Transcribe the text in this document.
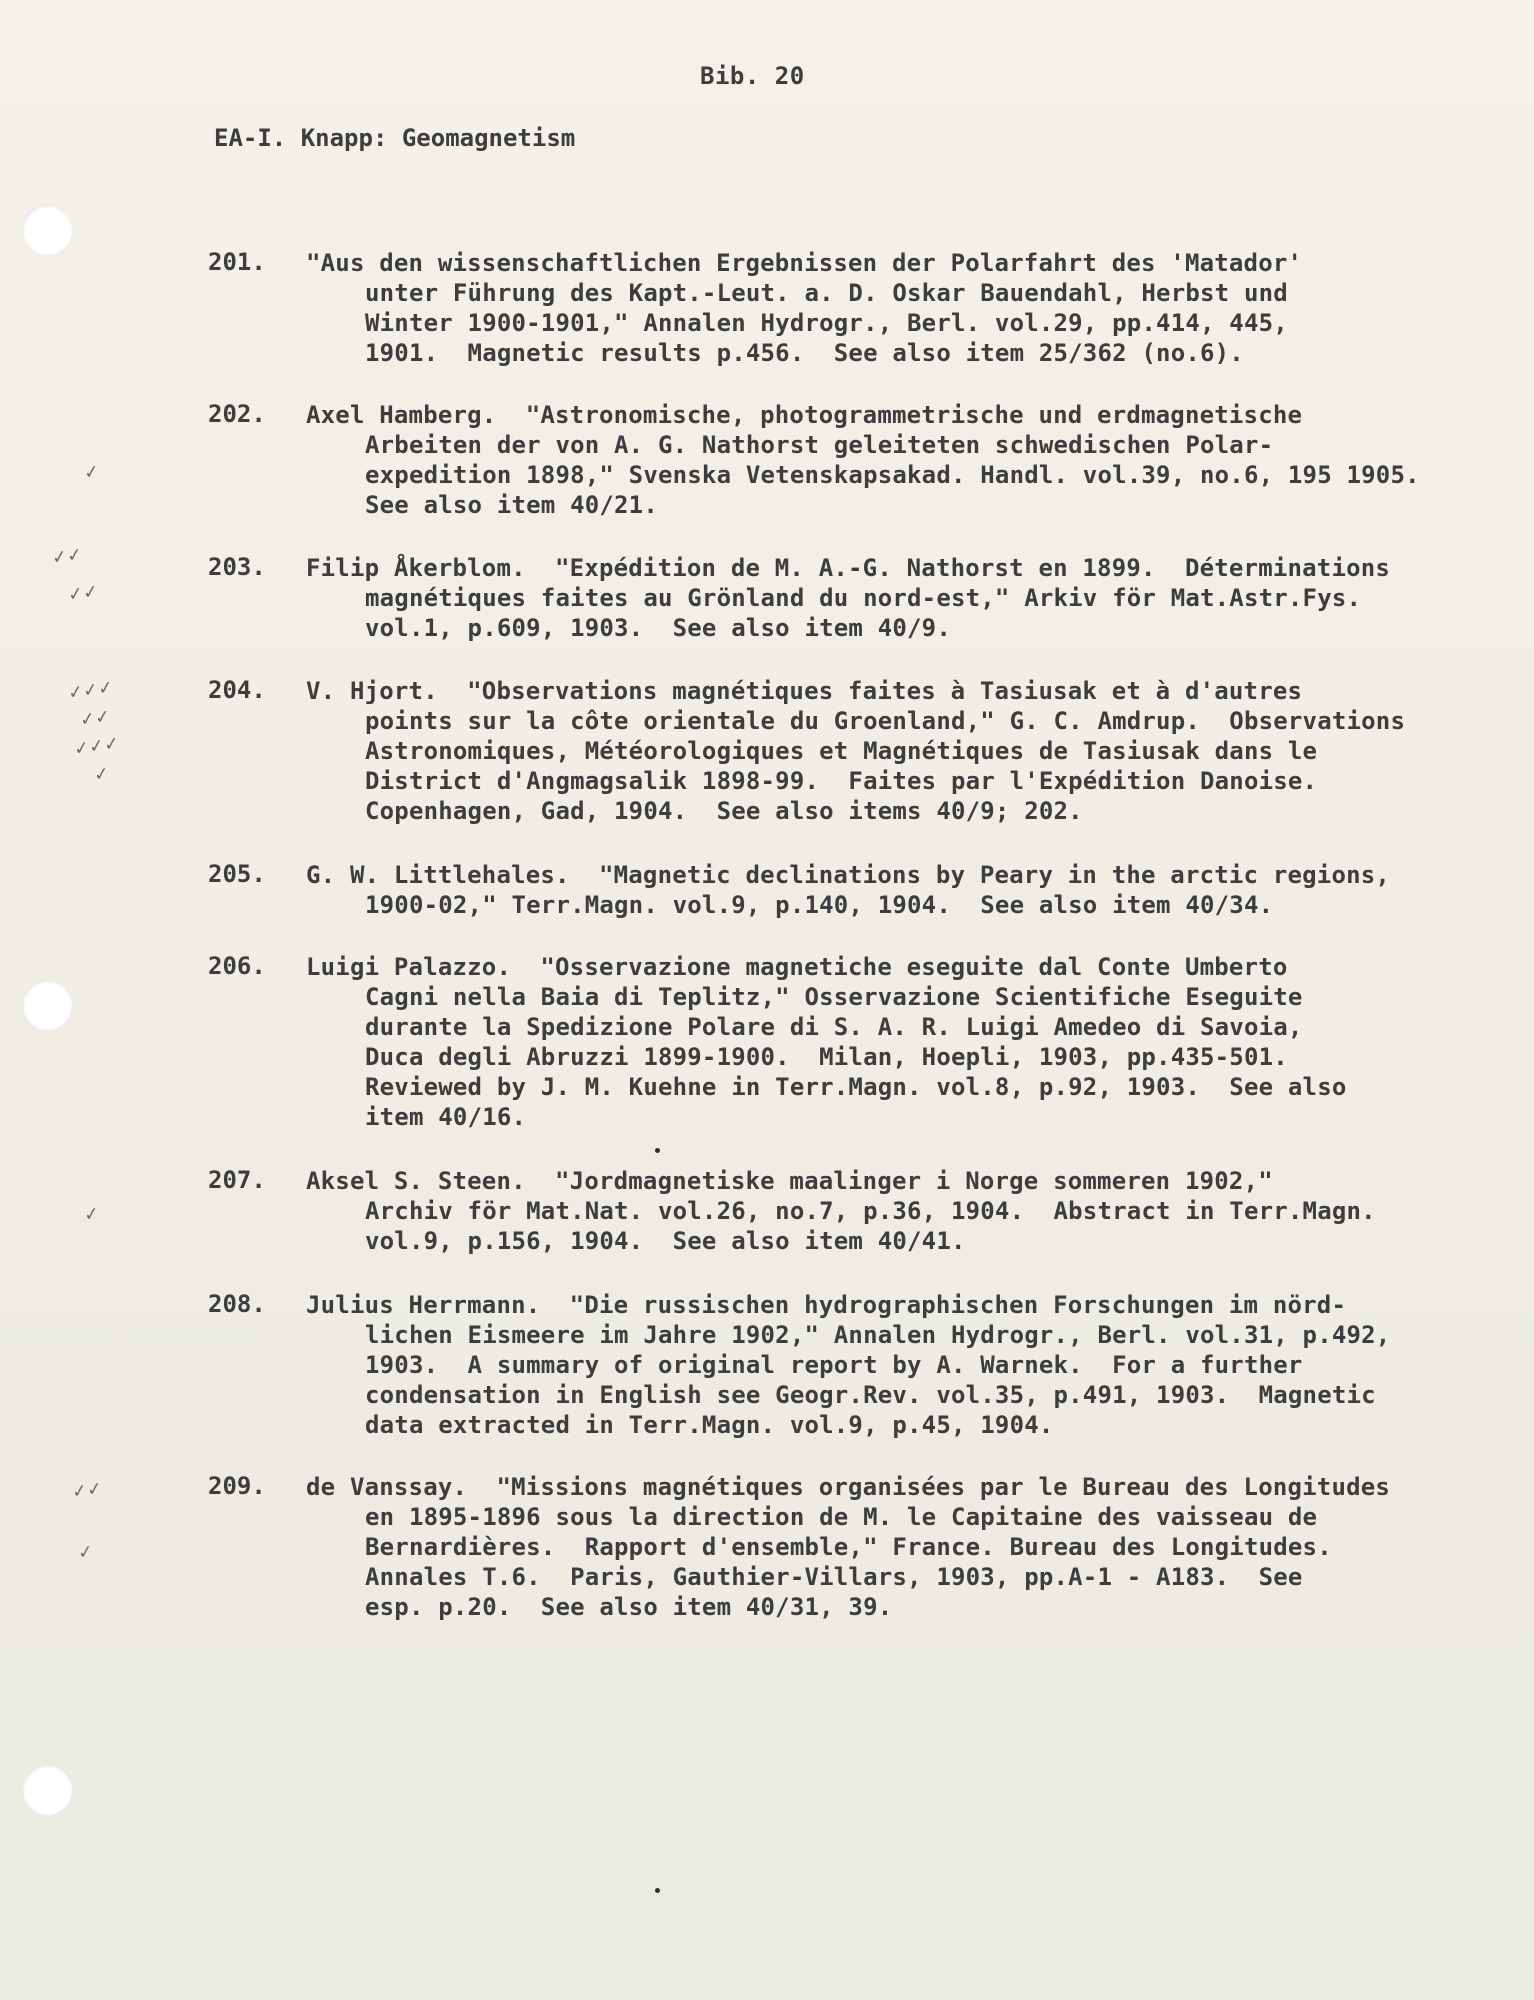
Bib. 20
EA-I. Knapp: Geomagnetism
✓
✓✓
✓✓
✓✓✓
✓✓
✓✓✓
✓
✓
✓✓
✓
201. "Aus den wissenschaftlichen Ergebnissen der Polarfahrt des 'Matador'
unter Führung des Kapt.-Leut. a. D. Oskar Bauendahl, Herbst und
Winter 1900-1901," Annalen Hydrogr., Berl. vol.29, pp.414, 445,
1901.  Magnetic results p.456.  See also item 25/362 (no.6).
202. Axel Hamberg.  "Astronomische, photogrammetrische und erdmagnetische
Arbeiten der von A. G. Nathorst geleiteten schwedischen Polar-
expedition 1898," Svenska Vetenskapsakad. Handl. vol.39, no.6, 195 1905.
See also item 40/21.
203. Filip Åkerblom.  "Expédition de M. A.-G. Nathorst en 1899.  Déterminations
magnétiques faites au Grönland du nord-est," Arkiv för Mat.Astr.Fys.
vol.1, p.609, 1903.  See also item 40/9.
204. V. Hjort.  "Observations magnétiques faites à Tasiusak et à d'autres
points sur la côte orientale du Groenland," G. C. Amdrup.  Observations
Astronomiques, Météorologiques et Magnétiques de Tasiusak dans le
District d'Angmagsalik 1898-99.  Faites par l'Expédition Danoise.
Copenhagen, Gad, 1904.  See also items 40/9; 202.
205. G. W. Littlehales.  "Magnetic declinations by Peary in the arctic regions,
1900-02," Terr.Magn. vol.9, p.140, 1904.  See also item 40/34.
206. Luigi Palazzo.  "Osservazione magnetiche eseguite dal Conte Umberto
Cagni nella Baia di Teplitz," Osservazione Scientifiche Eseguite
durante la Spedizione Polare di S. A. R. Luigi Amedeo di Savoia,
Duca degli Abruzzi 1899-1900.  Milan, Hoepli, 1903, pp.435-501.
Reviewed by J. M. Kuehne in Terr.Magn. vol.8, p.92, 1903.  See also
item 40/16.
207. Aksel S. Steen.  "Jordmagnetiske maalinger i Norge sommeren 1902,"
Archiv för Mat.Nat. vol.26, no.7, p.36, 1904.  Abstract in Terr.Magn.
vol.9, p.156, 1904.  See also item 40/41.
208. Julius Herrmann.  "Die russischen hydrographischen Forschungen im nörd-
lichen Eismeere im Jahre 1902," Annalen Hydrogr., Berl. vol.31, p.492,
1903.  A summary of original report by A. Warnek.  For a further
condensation in English see Geogr.Rev. vol.35, p.491, 1903.  Magnetic
data extracted in Terr.Magn. vol.9, p.45, 1904.
209. de Vanssay.  "Missions magnétiques organisées par le Bureau des Longitudes
en 1895-1896 sous la direction de M. le Capitaine des vaisseau de
Bernardières.  Rapport d'ensemble," France. Bureau des Longitudes.
Annales T.6.  Paris, Gauthier-Villars, 1903, pp.A-1 - A183.  See
esp. p.20.  See also item 40/31, 39.
